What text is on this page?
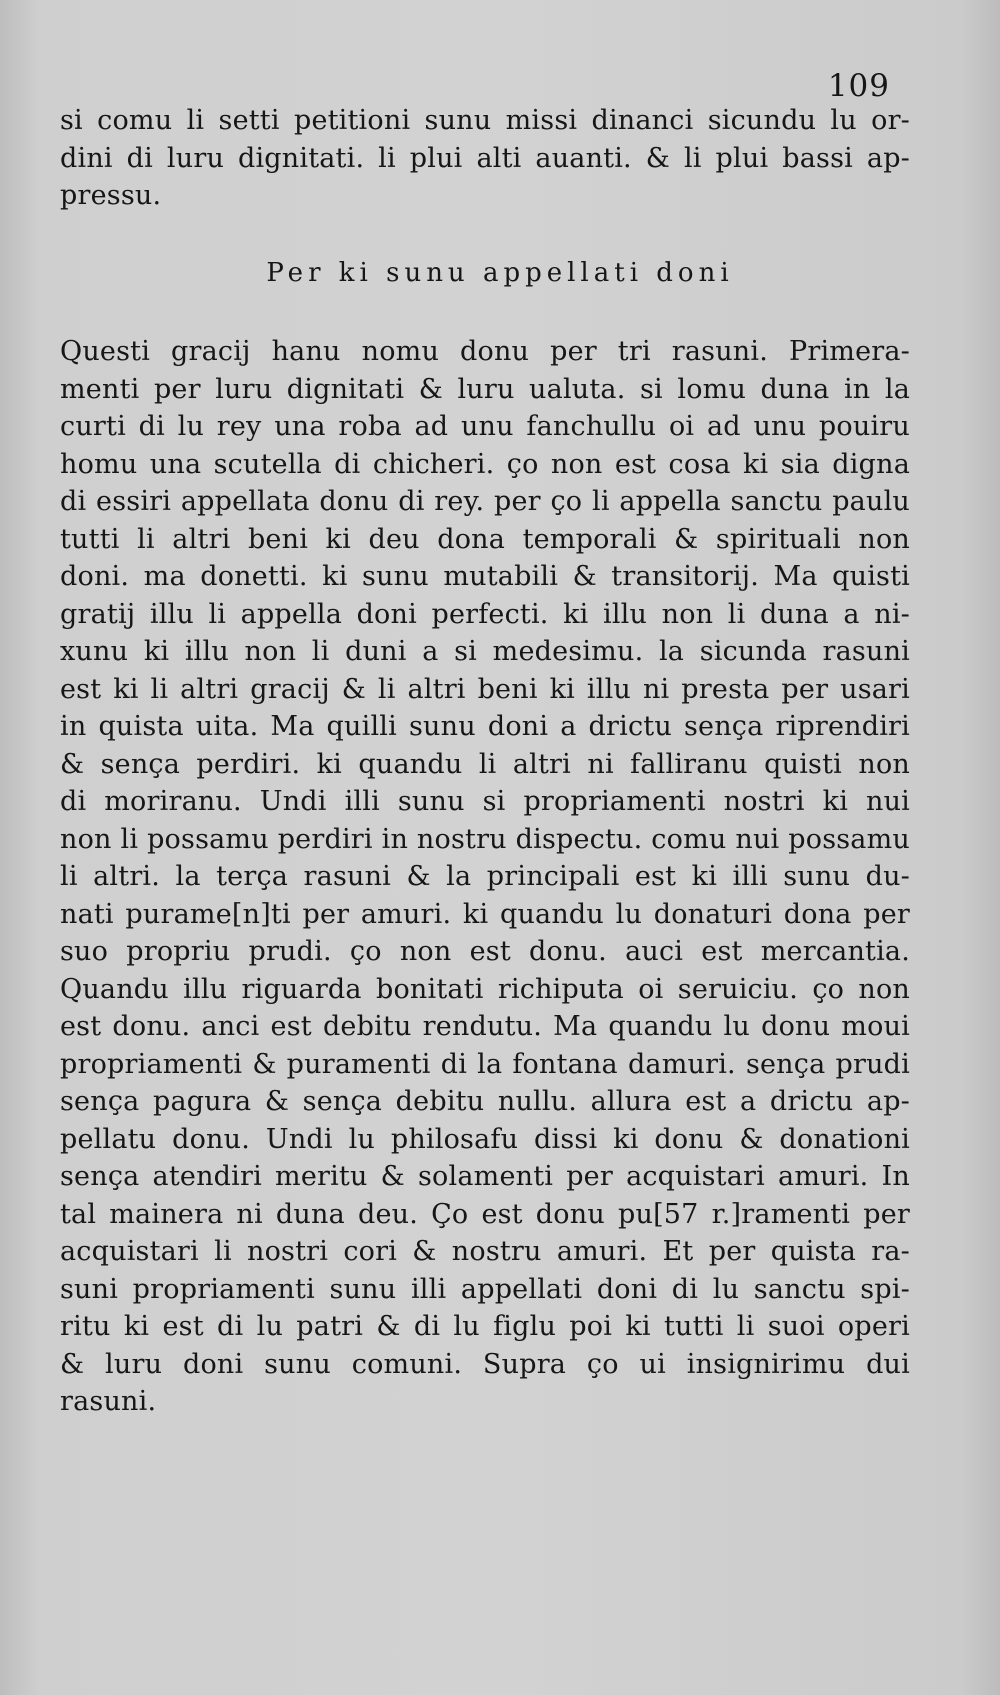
109

si comu li setti petitioni sunu missi dinanci sicundu lu or-
dini di luru dignitati. li plui alti auanti. & li plui bassi ap-
pressu.

Per ki sunu appellati doni

Questi gracij hanu nomu donu per tri rasuni. Primera-
menti per luru dignitati & luru ualuta. si lomu duna in la
curti di lu rey una roba ad unu fanchullu oi ad unu pouiru
homu una scutella di chicheri. ço non est cosa ki sia digna
di essiri appellata donu di rey. per ço li appella sanctu paulu
tutti li altri beni ki deu dona temporali & spirituali non
doni. ma donetti. ki sunu mutabili & transitorij. Ma quisti
gratij illu li appella doni perfecti. ki illu non li duna a ni-
xunu ki illu non li duni a si medesimu. la sicunda rasuni
est ki li altri gracij & li altri beni ki illu ni presta per usari
in quista uita. Ma quilli sunu doni a drictu sença riprendiri
& sença perdiri. ki quandu li altri ni falliranu quisti non
di moriranu. Undi illi sunu si propriamenti nostri ki nui
non li possamu perdiri in nostru dispectu. comu nui possamu
li altri. la terça rasuni & la principali est ki illi sunu du-
nati purame[n]ti per amuri. ki quandu lu donaturi dona per
suo propriu prudi. ço non est donu. auci est mercantia.
Quandu illu riguarda bonitati richiputa oi seruiciu. ço non
est donu. anci est debitu rendutu. Ma quandu lu donu moui
propriamenti & puramenti di la fontana damuri. sença prudi
sença pagura & sença debitu nullu. allura est a drictu ap-
pellatu donu. Undi lu philosafu dissi ki donu & donationi
sença atendiri meritu & solamenti per acquistari amuri. In
tal mainera ni duna deu. Ço est donu pu[57 r.]ramenti per
acquistari li nostri cori & nostru amuri. Et per quista ra-
suni propriamenti sunu illi appellati doni di lu sanctu spi-
ritu ki est di lu patri & di lu figlu poi ki tutti li suoi operi
& luru doni sunu comuni. Supra ço ui insignirimu dui
rasuni.
